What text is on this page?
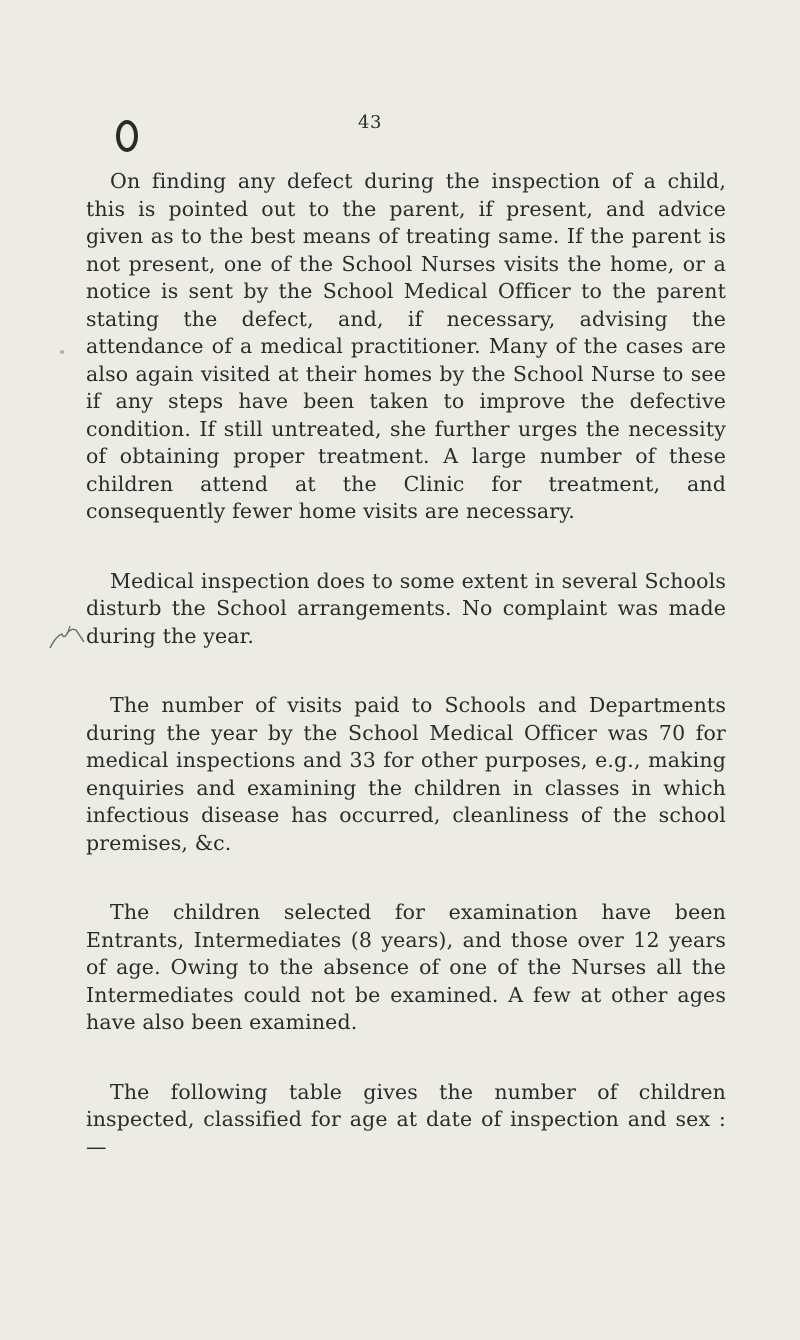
43

On finding any defect during the inspection of a child, this is pointed out to the parent, if present, and advice given as to the best means of treating same. If the parent is not present, one of the School Nurses visits the home, or a notice is sent by the School Medical Officer to the parent stating the defect, and, if necessary, advising the attendance of a medical practitioner. Many of the cases are also again visited at their homes by the School Nurse to see if any steps have been taken to improve the defective condition. If still untreated, she further urges the necessity of obtaining proper treatment. A large number of these children attend at the Clinic for treatment, and consequently fewer home visits are necessary.

Medical inspection does to some extent in several Schools disturb the School arrangements. No complaint was made during the year.

The number of visits paid to Schools and Departments during the year by the School Medical Officer was 70 for medical inspections and 33 for other purposes, e.g., making enquiries and examining the children in classes in which infectious disease has occurred, cleanliness of the school premises, &c.

The children selected for examination have been Entrants, Intermediates (8 years), and those over 12 years of age. Owing to the absence of one of the Nurses all the Intermediates could not be examined. A few at other ages have also been examined.

The following table gives the number of children inspected, classified for age at date of inspection and sex : —
